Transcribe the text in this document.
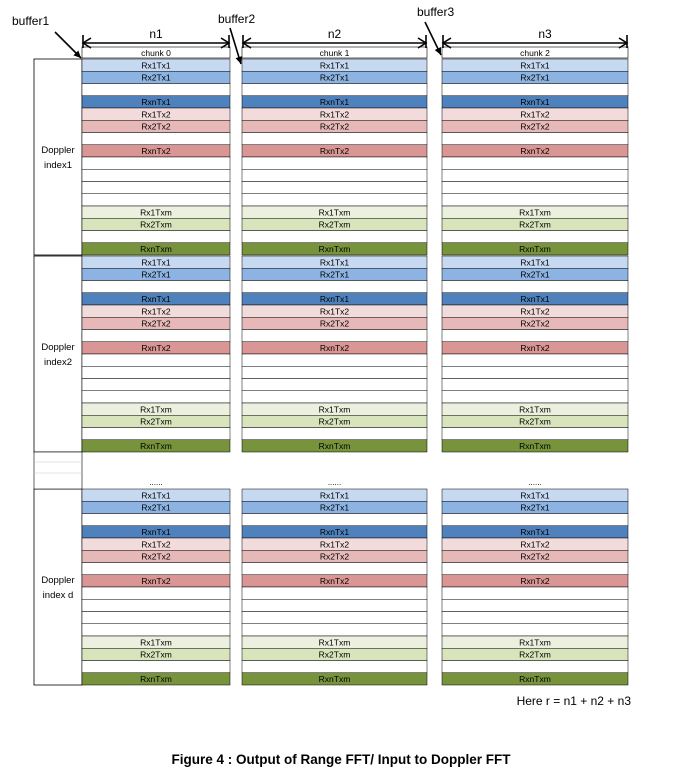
buffer1	buffer2	buffer3
chunk 0	chunk 1	chunk 2
Doppler
index1
Rx1Tx1	Rx1Tx1	Rx1Tx1
Rx2Tx1	Rx2Tx1	Rx2Tx1
RxnTx1	RxnTx1	RxnTx1
Rx1Tx2	Rx1Tx2	Rx1Tx2
Rx2Tx2	Rx2Tx2	Rx2Tx2
RxnTx2	RxnTx2	RxnTx2
Rx1Txm	Rx1Txm	Rx1Txm
Rx2Txm	Rx2Txm	Rx2Txm
RxnTxm	RxnTxm	RxnTxm
Doppler
index2
Rx1Tx1	Rx1Tx1	Rx1Tx1
Rx2Tx1	Rx2Tx1	Rx2Tx1
RxnTx1	RxnTx1	RxnTx1
Rx1Tx2	Rx1Tx2	Rx1Tx2
Rx2Tx2	Rx2Tx2	Rx2Tx2
RxnTx2	RxnTx2	RxnTx2
Rx1Txm	Rx1Txm	Rx1Txm
Rx2Txm	Rx2Txm	Rx2Txm
RxnTxm	RxnTxm	RxnTxm
Doppler
index d
Rx1Tx1	Rx1Tx1	Rx1Tx1
Rx2Tx1	Rx2Tx1	Rx2Tx1
RxnTx1	RxnTx1	RxnTx1
Rx1Tx2	Rx1Tx2	Rx1Tx2
Rx2Tx2	Rx2Tx2	Rx2Tx2
RxnTx2	RxnTx2	RxnTx2
Rx1Txm	Rx1Txm	Rx1Txm
Rx2Txm	Rx2Txm	Rx2Txm
RxnTxm	RxnTxm	RxnTxm
......	......	......
Here r = n1 + n2 + n3
n1	n2	n3
Figure 4 : Output of Range FFT/ Input to Doppler FFT
